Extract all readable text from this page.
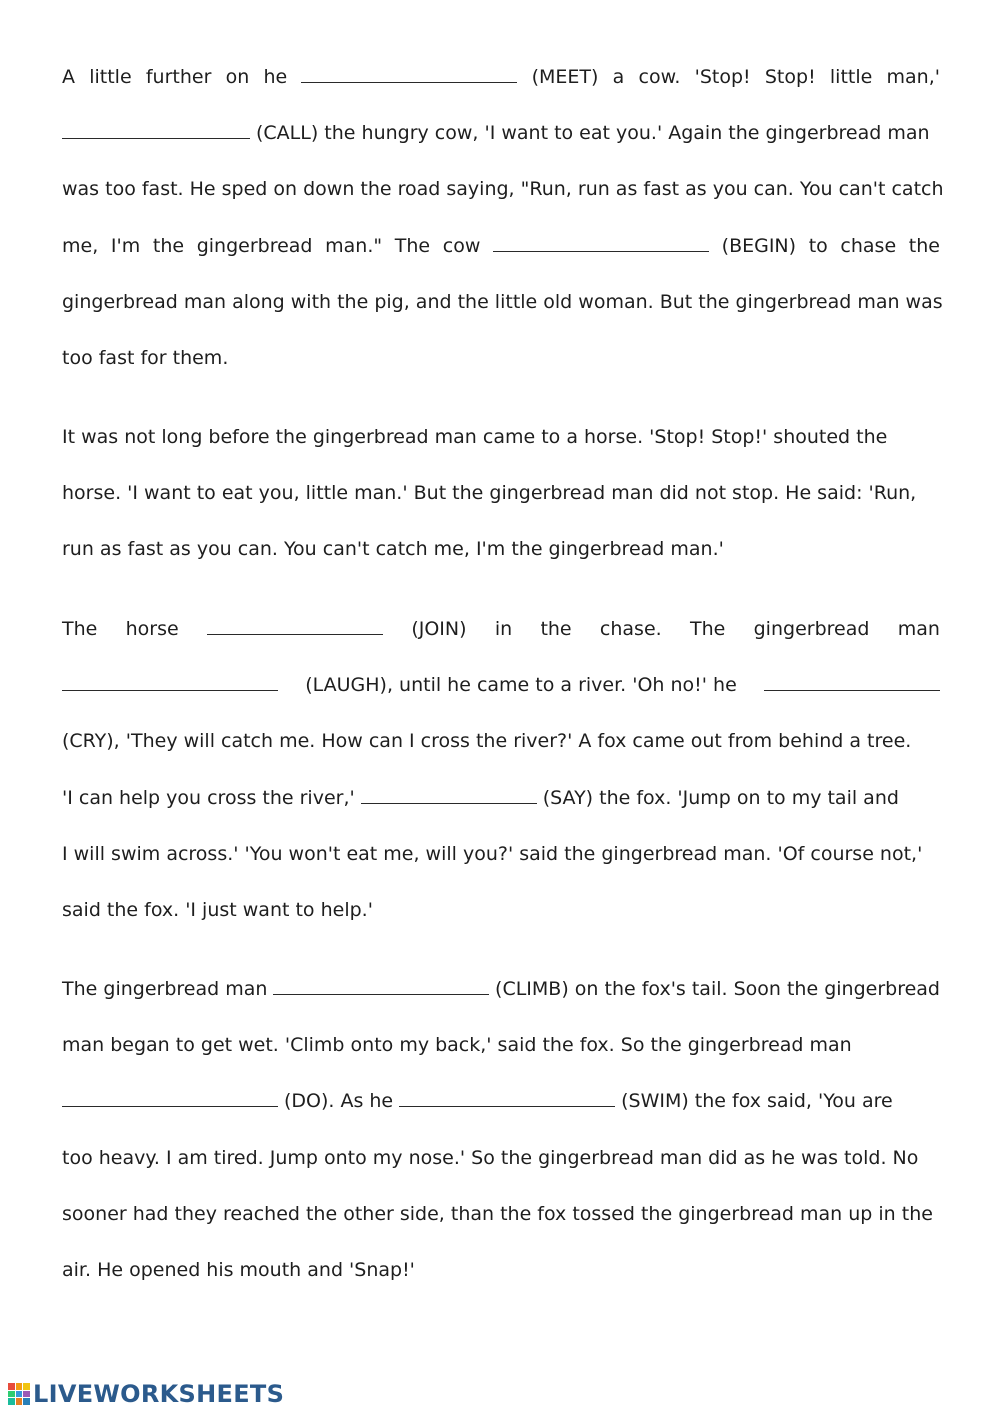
A little further on he	(MEET) a cow. 'Stop! Stop! little man,'
(CALL) the hungry cow, 'I want to eat you.' Again the gingerbread man
was too fast. He sped on down the road saying, "Run, run as fast as you can. You can't catch
me, I'm the gingerbread man." The cow	(BEGIN) to chase the
gingerbread man along with the pig, and the little old woman. But the gingerbread man was
too fast for them.
It was not long before the gingerbread man came to a horse. 'Stop! Stop!' shouted the
horse. 'I want to eat you, little man.' But the gingerbread man did not stop. He said: 'Run,
run as fast as you can. You can't catch me, I'm the gingerbread man.'
The horse	(JOIN) in the chase. The gingerbread man
(LAUGH), until he came to a river. 'Oh no!' he
(CRY), 'They will catch me. How can I cross the river?' A fox came out from behind a tree.
'I can help you cross the river,'	(SAY) the fox. 'Jump on to my tail and
I will swim across.' 'You won't eat me, will you?' said the gingerbread man. 'Of course not,'
said the fox. 'I just want to help.'
The gingerbread man	(CLIMB) on the fox's tail. Soon the gingerbread
man began to get wet. 'Climb onto my back,' said the fox. So the gingerbread man
(DO). As he	(SWIM) the fox said, 'You are
too heavy. I am tired. Jump onto my nose.' So the gingerbread man did as he was told. No
sooner had they reached the other side, than the fox tossed the gingerbread man up in the
air. He opened his mouth and 'Snap!'
LIVEWORKSHEETS
